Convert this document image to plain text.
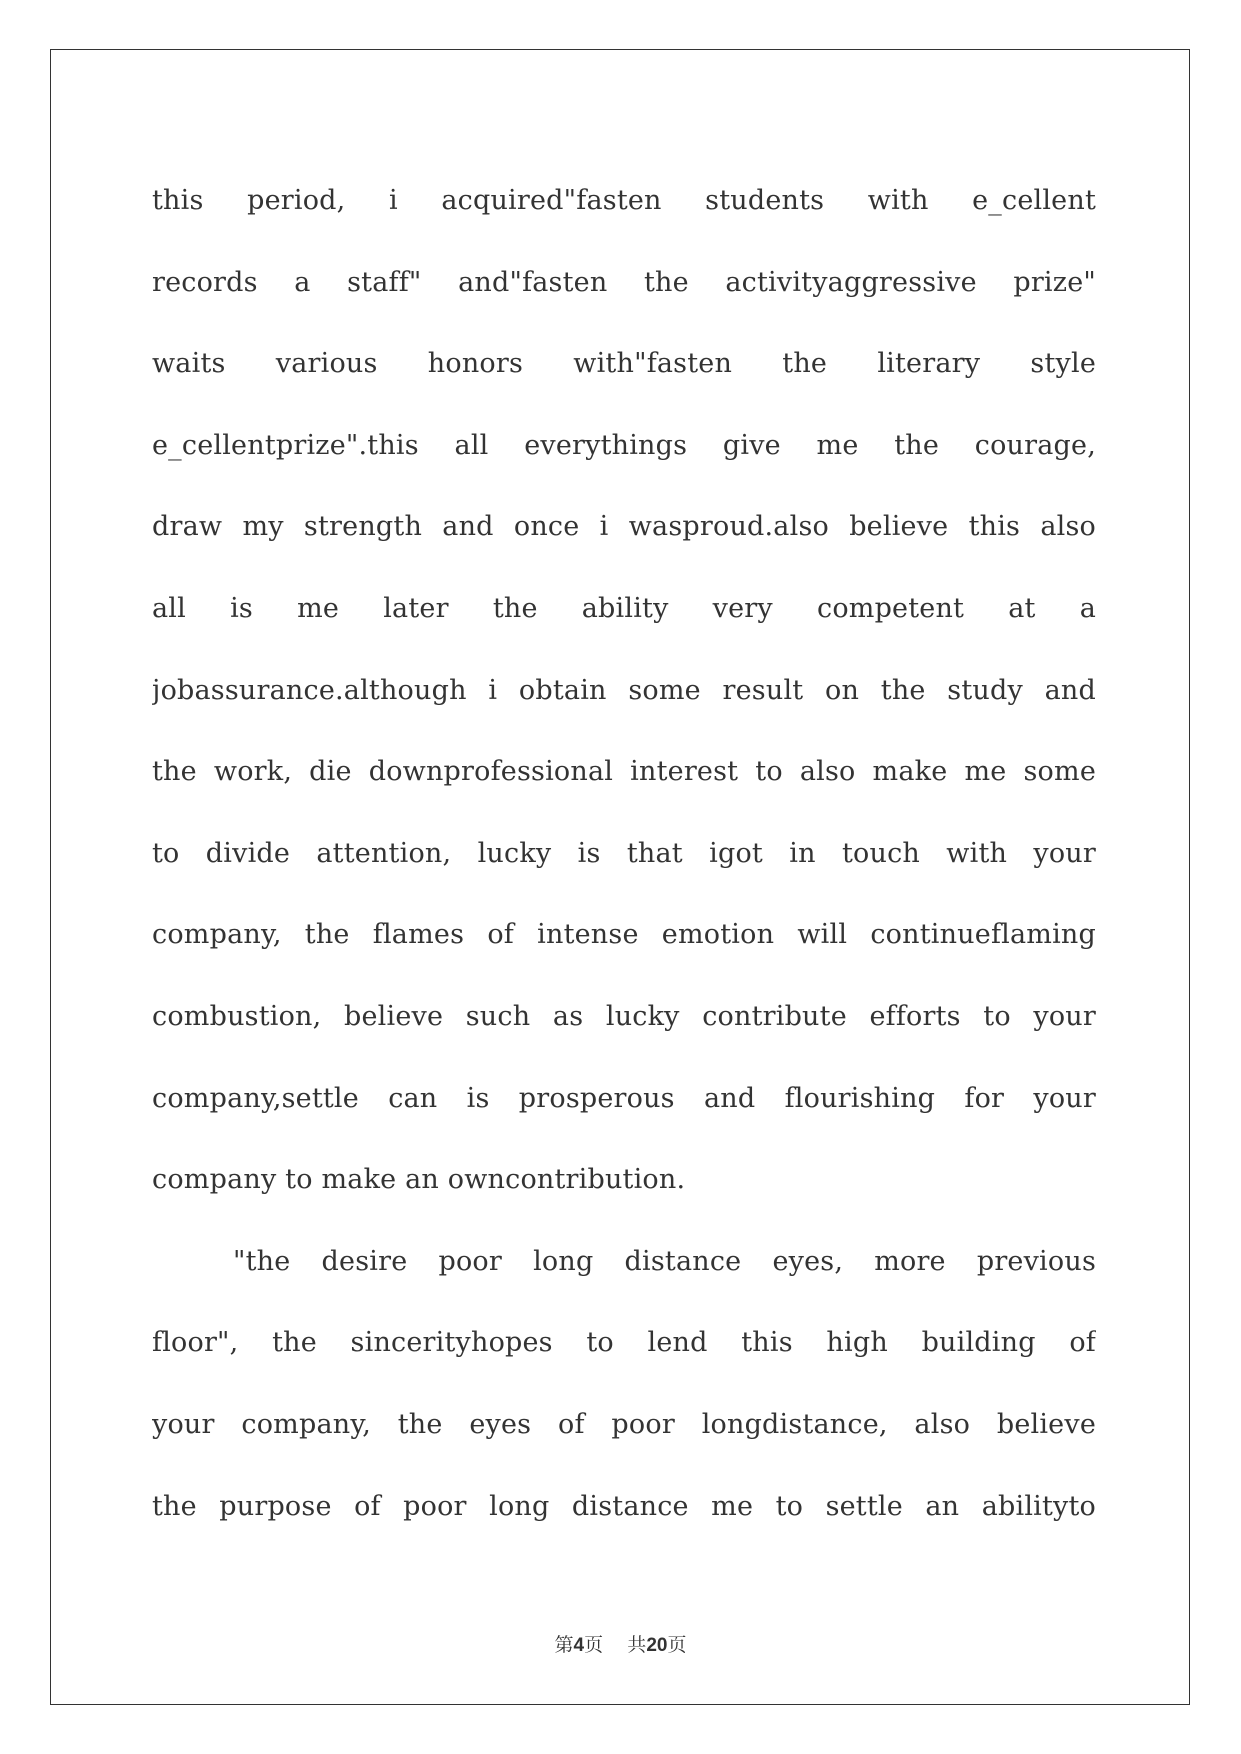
this period, i acquired"fasten students with e_cellent
records a staff" and"fasten the activityaggressive prize"
waits various honors with"fasten the literary style
e_cellentprize".this all everythings give me the courage,
draw my strength and once i wasproud.also believe this also
all is me later the ability very competent at a
jobassurance.although i obtain some result on the study and
the work, die downprofessional interest to also make me some
to divide attention, lucky is that igot in touch with your
company, the flames of intense emotion will continueflaming
combustion, believe such as lucky contribute efforts to your
company,settle can is prosperous and flourishing for your
company to make an owncontribution.
"the desire poor long distance eyes, more previous
floor", the sincerityhopes to lend this high building of
your company, the eyes of poor longdistance, also believe
the purpose of poor long distance me to settle an abilityto
第4页 共20页
